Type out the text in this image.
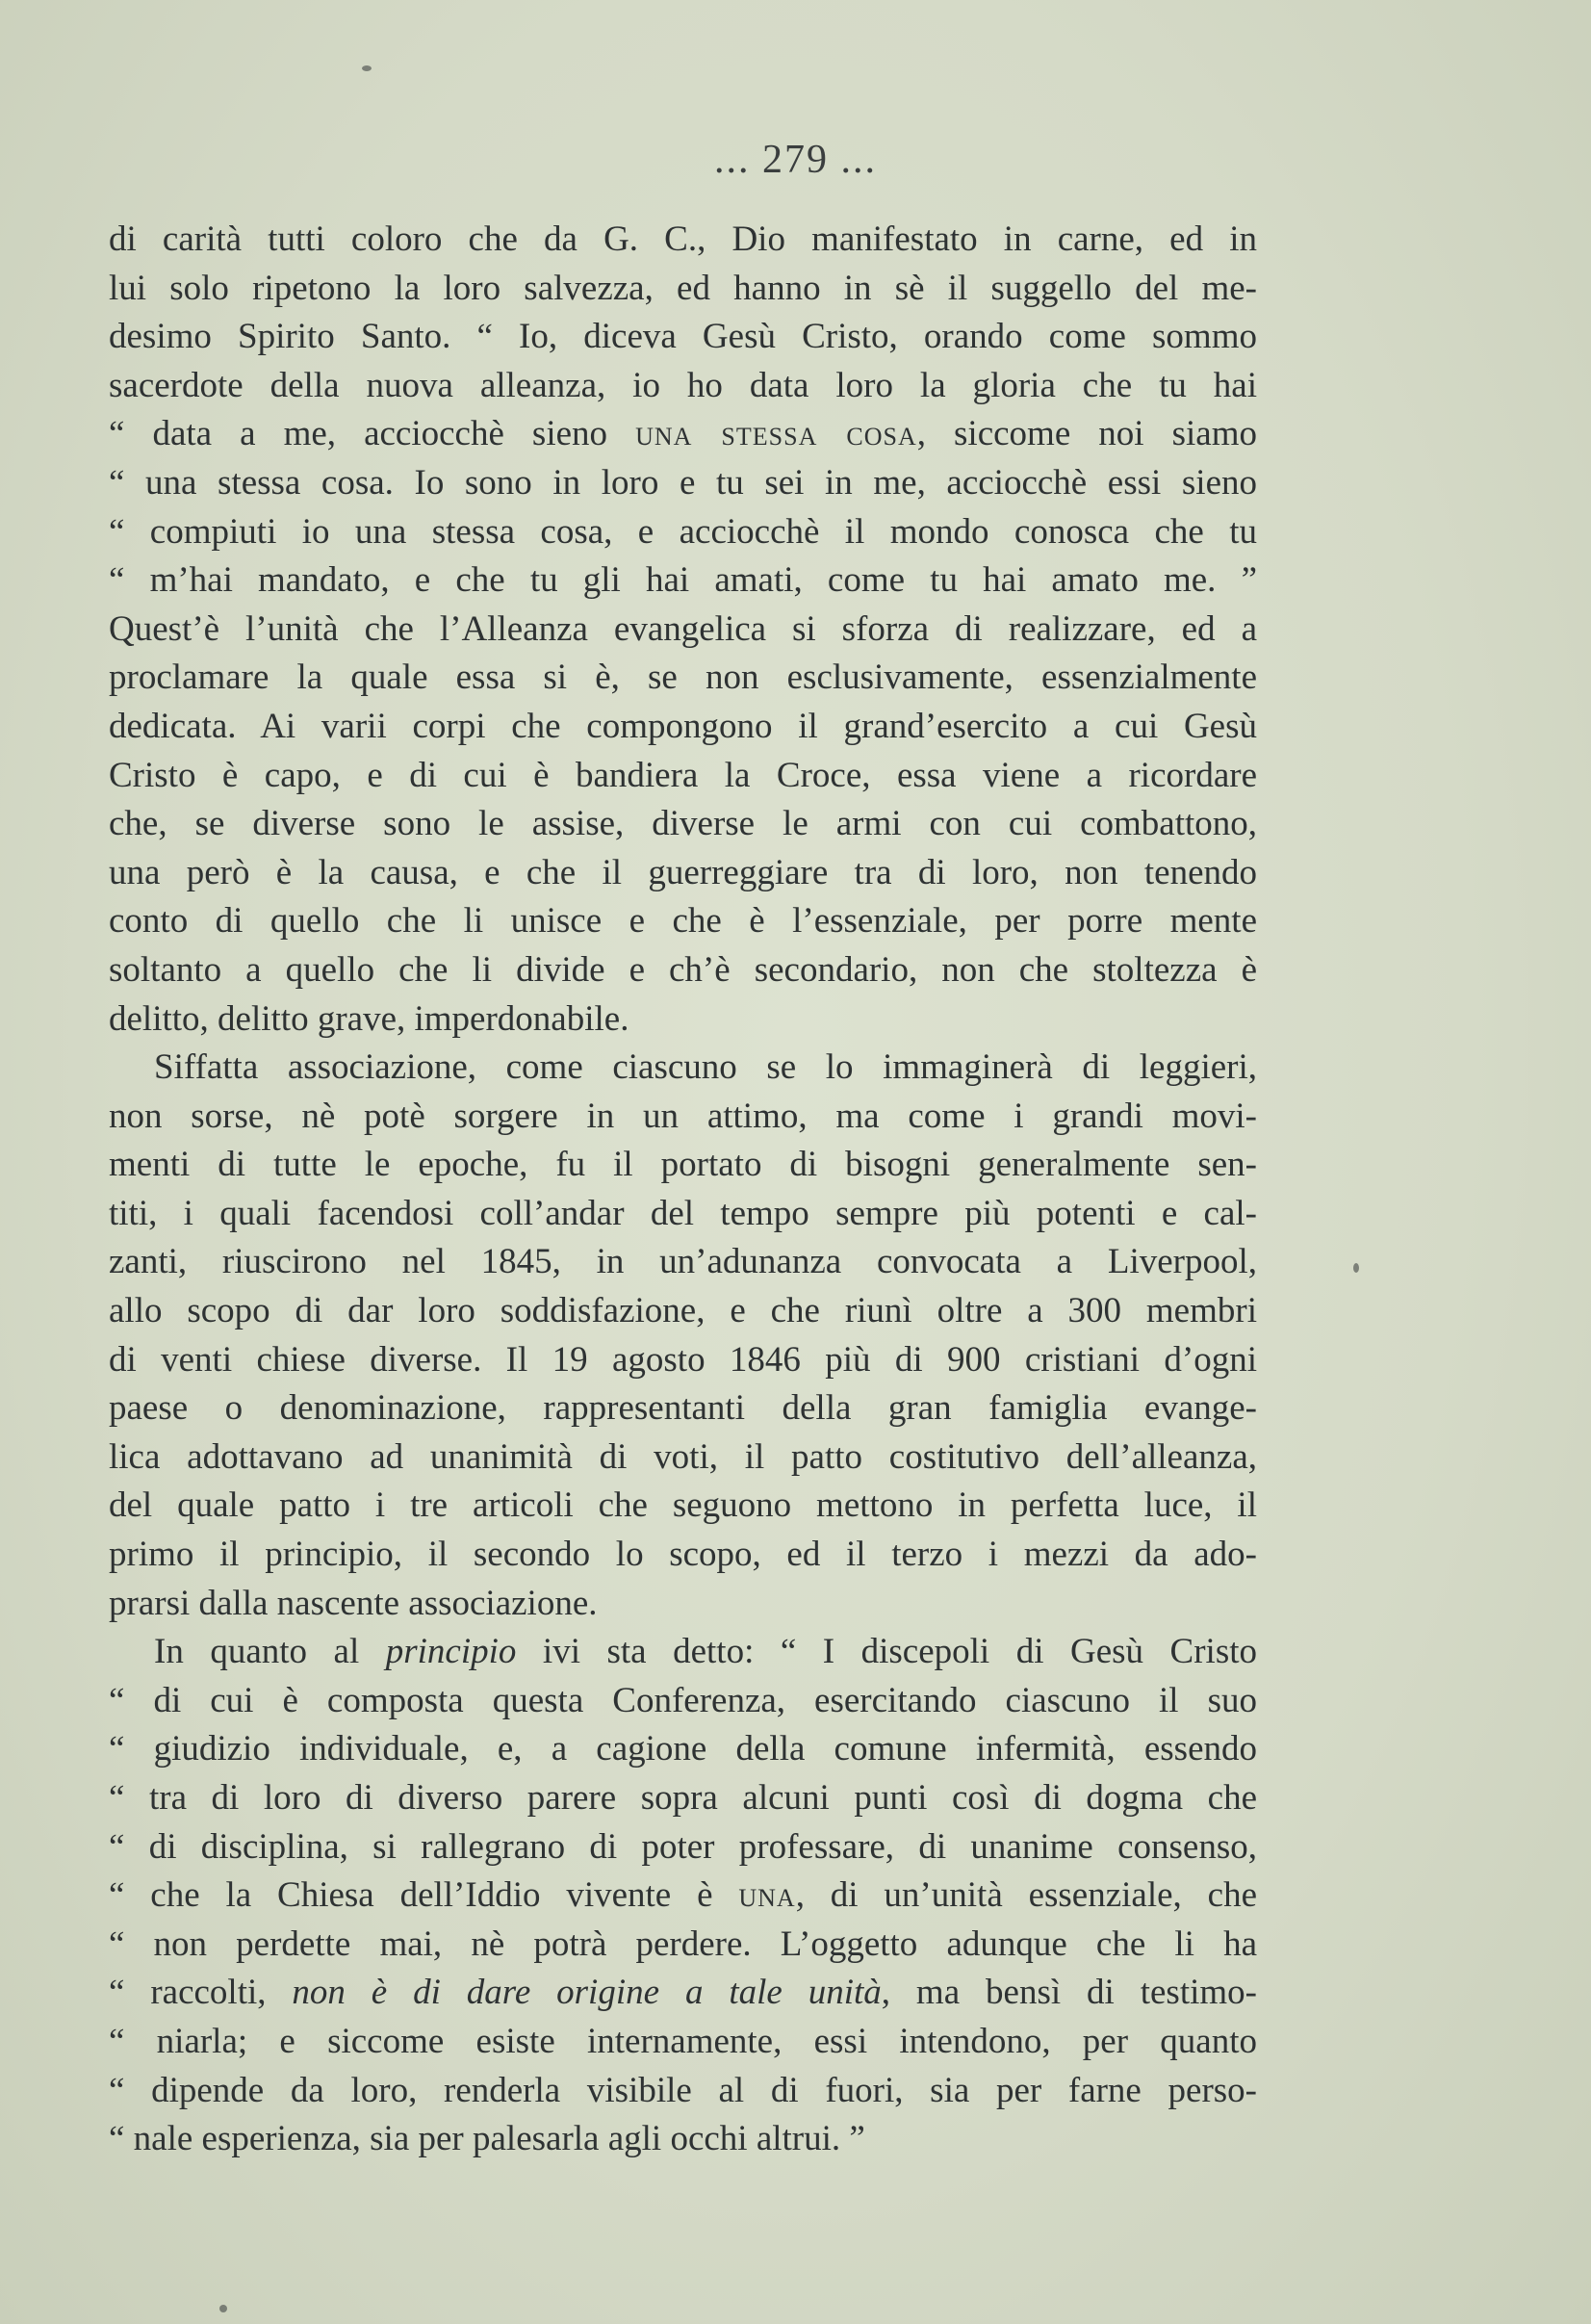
... 279 ...
di carità tutti coloro che da G. C., Dio manifestato in carne, ed in
lui solo ripetono la loro salvezza, ed hanno in sè il suggello del me-
desimo Spirito Santo. “ Io, diceva Gesù Cristo, orando come sommo
sacerdote della nuova alleanza, io ho data loro la gloria che tu hai
“ data a me, acciocchè sieno una stessa cosa, siccome noi siamo
“ una stessa cosa. Io sono in loro e tu sei in me, acciocchè essi sieno
“ compiuti io una stessa cosa, e acciocchè il mondo conosca che tu
“ m’hai mandato, e che tu gli hai amati, come tu hai amato me. ”
Quest’è l’unità che l’Alleanza evangelica si sforza di realizzare, ed a
proclamare la quale essa si è, se non esclusivamente, essenzialmente
dedicata. Ai varii corpi che compongono il grand’esercito a cui Gesù
Cristo è capo, e di cui è bandiera la Croce, essa viene a ricordare
che, se diverse sono le assise, diverse le armi con cui combattono,
una però è la causa, e che il guerreggiare tra di loro, non tenendo
conto di quello che li unisce e che è l’essenziale, per porre mente
soltanto a quello che li divide e ch’è secondario, non che stoltezza è
delitto, delitto grave, imperdonabile.
Siffatta associazione, come ciascuno se lo immaginerà di leggieri,
non sorse, nè potè sorgere in un attimo, ma come i grandi movi-
menti di tutte le epoche, fu il portato di bisogni generalmente sen-
titi, i quali facendosi coll’andar del tempo sempre più potenti e cal-
zanti, riuscirono nel 1845, in un’adunanza convocata a Liverpool,
allo scopo di dar loro soddisfazione, e che riunì oltre a 300 membri
di venti chiese diverse. Il 19 agosto 1846 più di 900 cristiani d’ogni
paese o denominazione, rappresentanti della gran famiglia evange-
lica adottavano ad unanimità di voti, il patto costitutivo dell’alleanza,
del quale patto i tre articoli che seguono mettono in perfetta luce, il
primo il principio, il secondo lo scopo, ed il terzo i mezzi da ado-
prarsi dalla nascente associazione.
In quanto al principio ivi sta detto: “ I discepoli di Gesù Cristo
“ di cui è composta questa Conferenza, esercitando ciascuno il suo
“ giudizio individuale, e, a cagione della comune infermità, essendo
“ tra di loro di diverso parere sopra alcuni punti così di dogma che
“ di disciplina, si rallegrano di poter professare, di unanime consenso,
“ che la Chiesa dell’Iddio vivente è una, di un’unità essenziale, che
“ non perdette mai, nè potrà perdere. L’oggetto adunque che li ha
“ raccolti, non è di dare origine a tale unità, ma bensì di testimo-
“ niarla; e siccome esiste internamente, essi intendono, per quanto
“ dipende da loro, renderla visibile al di fuori, sia per farne perso-
“ nale esperienza, sia per palesarla agli occhi altrui. ”
